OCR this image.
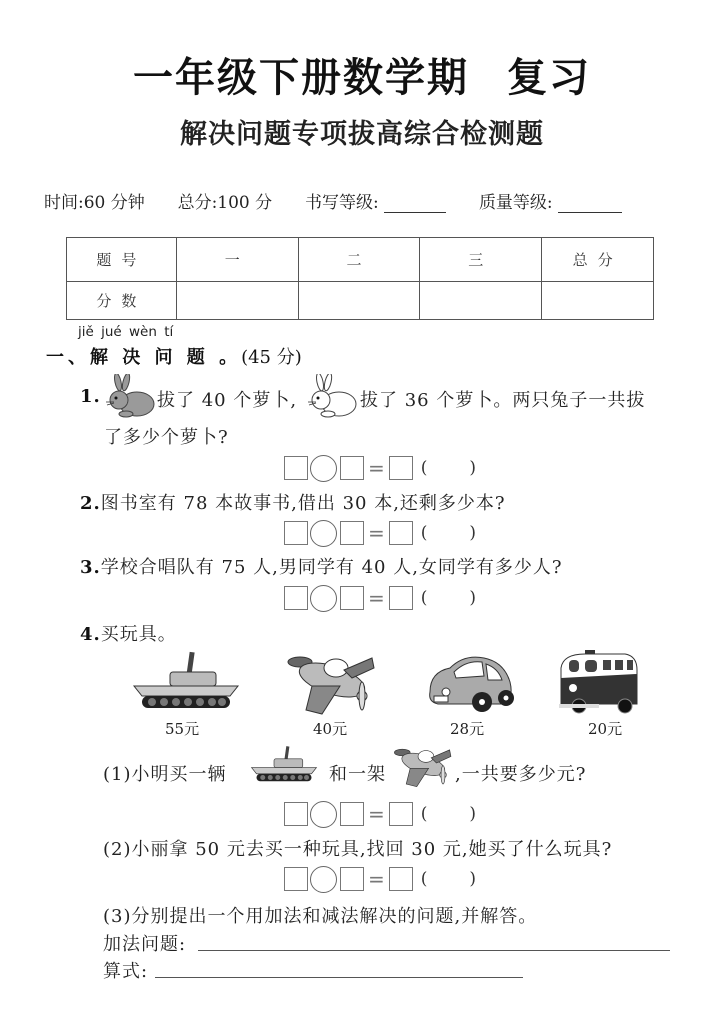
一年级下册数学期 复习
解决问题专项拔高综合检测题
时间:60 分钟 总分:100 分 书写等级:	质量等级:
题号	一	二	三	总分
分数				
jiě jué wèn tí
一、解 决 问 题 。(45 分)
1.	拔了 40 个萝卜,	拔了 36 个萝卜。两只兔子一共拔
了多少个萝卜?
= ( )
2.图书室有 78 本故事书,借出 30 本,还剩多少本?
= ( )
3.学校合唱队有 75 人,男同学有 40 人,女同学有多少人?
= ( )
4.买玩具。
55元	40元	28元	20元
(1)小明买一辆	和一架	,一共要多少元?
= ( )
(2)小丽拿 50 元去买一种玩具,找回 30 元,她买了什么玩具?
= ( )
(3)分别提出一个用加法和减法解决的问题,并解答。
加法问题:
算式:
